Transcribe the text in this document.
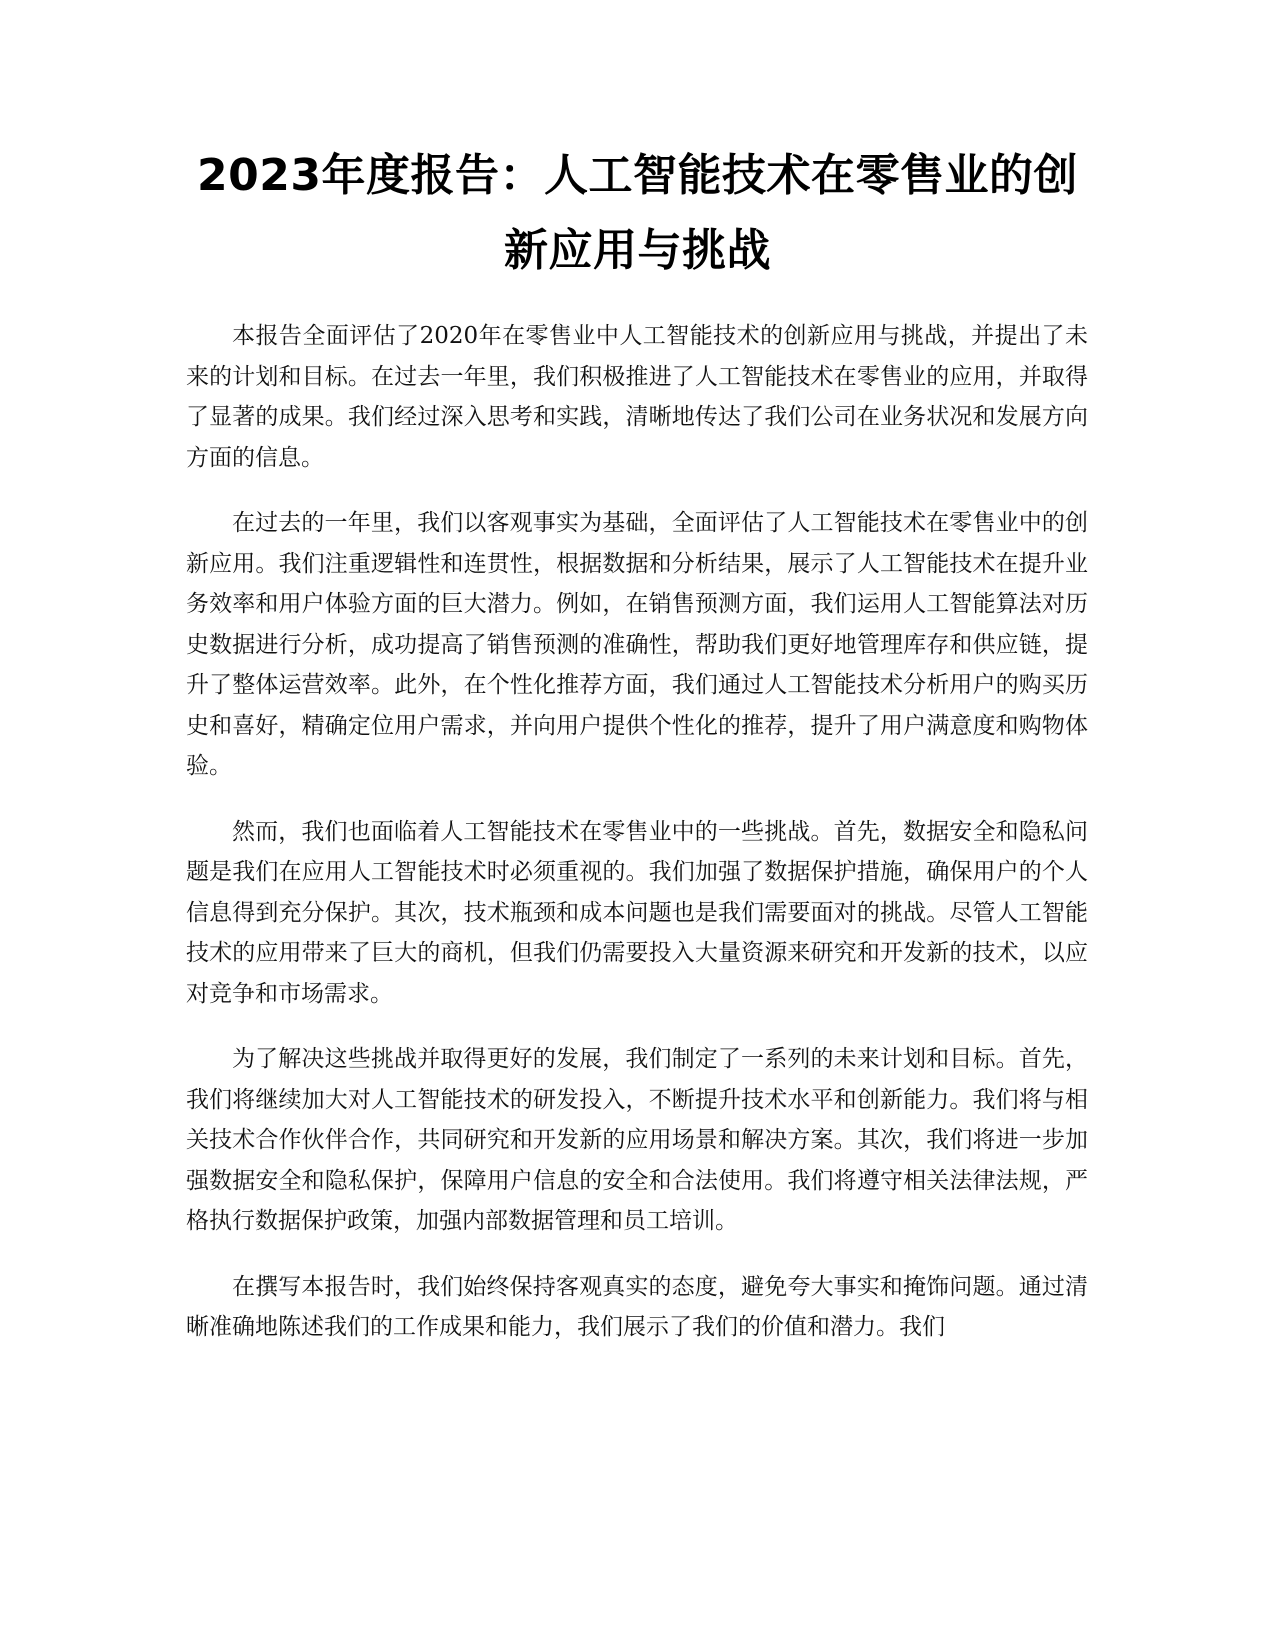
2023年度报告：人工智能技术在零售业的创
新应用与挑战

本报告全面评估了2020年在零售业中人工智能技术的创新应用与挑战，并提出了未来的计划和目标。在过去一年里，我们积极推进了人工智能技术在零售业的应用，并取得了显著的成果。我们经过深入思考和实践，清晰地传达了我们公司在业务状况和发展方向方面的信息。

在过去的一年里，我们以客观事实为基础，全面评估了人工智能技术在零售业中的创新应用。我们注重逻辑性和连贯性，根据数据和分析结果，展示了人工智能技术在提升业务效率和用户体验方面的巨大潜力。例如，在销售预测方面，我们运用人工智能算法对历史数据进行分析，成功提高了销售预测的准确性，帮助我们更好地管理库存和供应链，提升了整体运营效率。此外，在个性化推荐方面，我们通过人工智能技术分析用户的购买历史和喜好，精确定位用户需求，并向用户提供个性化的推荐，提升了用户满意度和购物体验。

然而，我们也面临着人工智能技术在零售业中的一些挑战。首先，数据安全和隐私问题是我们在应用人工智能技术时必须重视的。我们加强了数据保护措施，确保用户的个人信息得到充分保护。其次，技术瓶颈和成本问题也是我们需要面对的挑战。尽管人工智能技术的应用带来了巨大的商机，但我们仍需要投入大量资源来研究和开发新的技术，以应对竞争和市场需求。

为了解决这些挑战并取得更好的发展，我们制定了一系列的未来计划和目标。首先，我们将继续加大对人工智能技术的研发投入，不断提升技术水平和创新能力。我们将与相关技术合作伙伴合作，共同研究和开发新的应用场景和解决方案。其次，我们将进一步加强数据安全和隐私保护，保障用户信息的安全和合法使用。我们将遵守相关法律法规，严格执行数据保护政策，加强内部数据管理和员工培训。

在撰写本报告时，我们始终保持客观真实的态度，避免夸大事实和掩饰问题。通过清晰准确地陈述我们的工作成果和能力，我们展示了我们的价值和潜力。我们
